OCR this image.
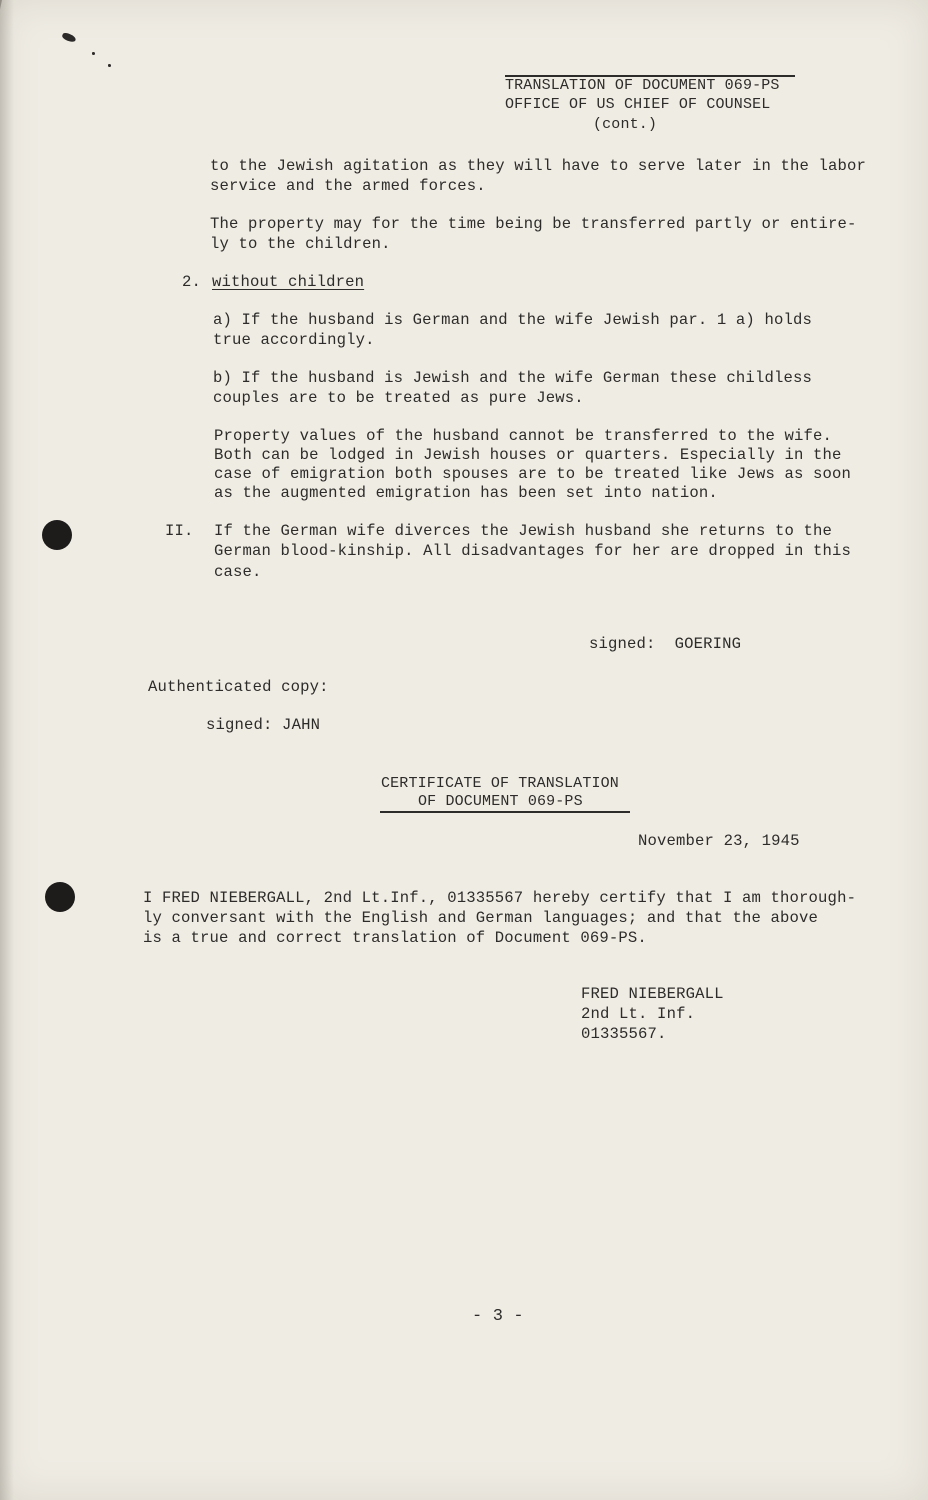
TRANSLATION OF DOCUMENT 069-PS
OFFICE OF US CHIEF OF COUNSEL
(cont.)
to the Jewish agitation as they will have to serve later in the labor
service and the armed forces.
The property may for the time being be transferred partly or entire-
ly to the children.
2. without children
a) If the husband is German and the wife Jewish par. 1 a) holds
true accordingly.
b) If the husband is Jewish and the wife German these childless
couples are to be treated as pure Jews.
Property values of the husband cannot be transferred to the wife.
Both can be lodged in Jewish houses or quarters. Especially in the
case of emigration both spouses are to be treated like Jews as soon
as the augmented emigration has been set into nation.
II. If the German wife diverces the Jewish husband she returns to the
German blood-kinship. All disadvantages for her are dropped in this
case.
signed:  GOERING
Authenticated copy:
signed: JAHN
CERTIFICATE OF TRANSLATION
OF DOCUMENT 069-PS
November 23, 1945
I FRED NIEBERGALL, 2nd Lt.Inf., 01335567 hereby certify that I am thorough-
ly conversant with the English and German languages; and that the above
is a true and correct translation of Document 069-PS.
FRED NIEBERGALL
2nd Lt. Inf.
01335567.
- 3 -
